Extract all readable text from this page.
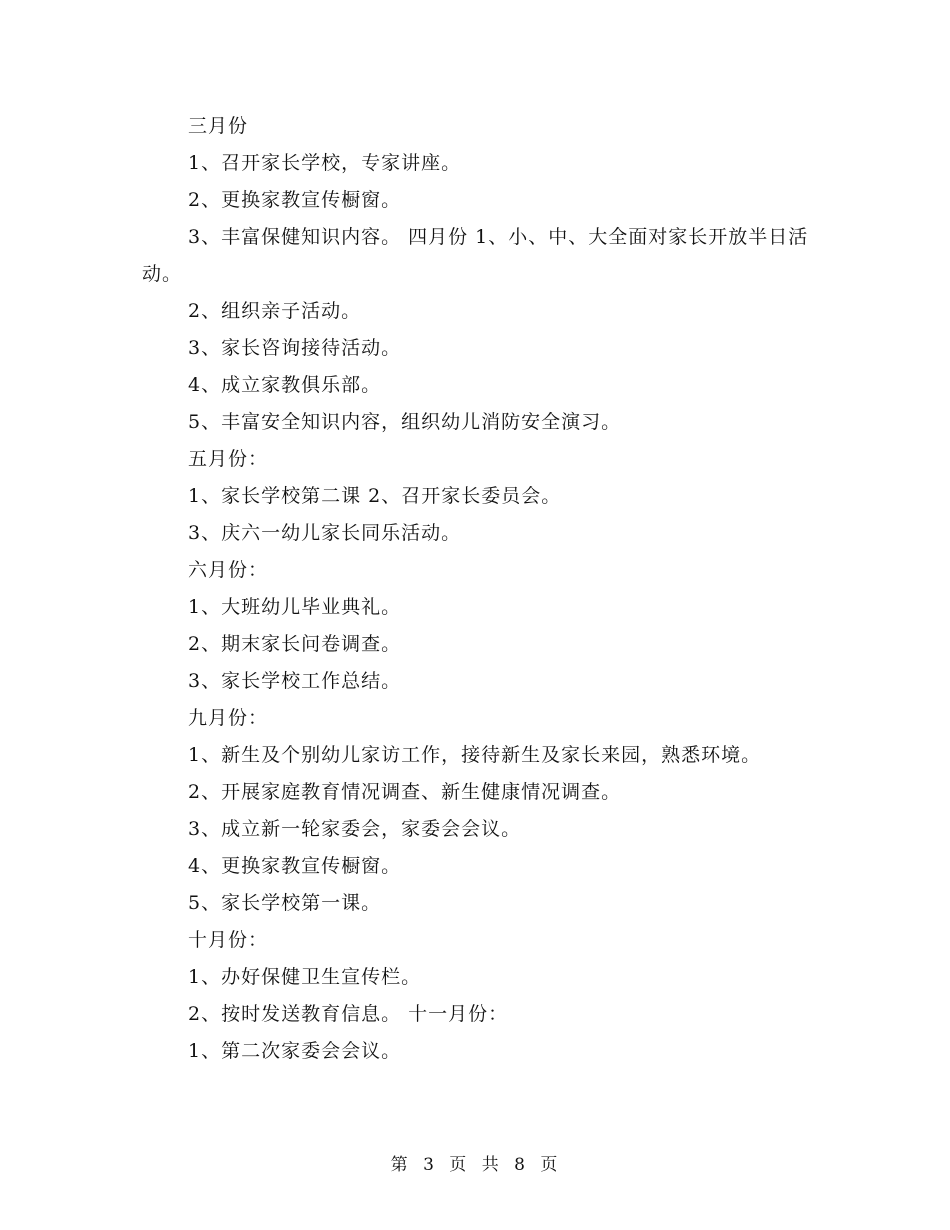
三月份
1、召开家长学校，专家讲座。
2、更换家教宣传橱窗。
3、丰富保健知识内容。 四月份 1、小、中、大全面对家长开放半日活动。
2、组织亲子活动。
3、家长咨询接待活动。
4、成立家教俱乐部。
5、丰富安全知识内容，组织幼儿消防安全演习。
五月份：
1、家长学校第二课 2、召开家长委员会。
3、庆六一幼儿家长同乐活动。
六月份：
1、大班幼儿毕业典礼。
2、期末家长问卷调查。
3、家长学校工作总结。
九月份：
1、新生及个别幼儿家访工作，接待新生及家长来园，熟悉环境。
2、开展家庭教育情况调查、新生健康情况调查。
3、成立新一轮家委会，家委会会议。
4、更换家教宣传橱窗。
5、家长学校第一课。
十月份：
1、办好保健卫生宣传栏。
2、按时发送教育信息。 十一月份：
1、第二次家委会会议。
第 3 页 共 8 页
